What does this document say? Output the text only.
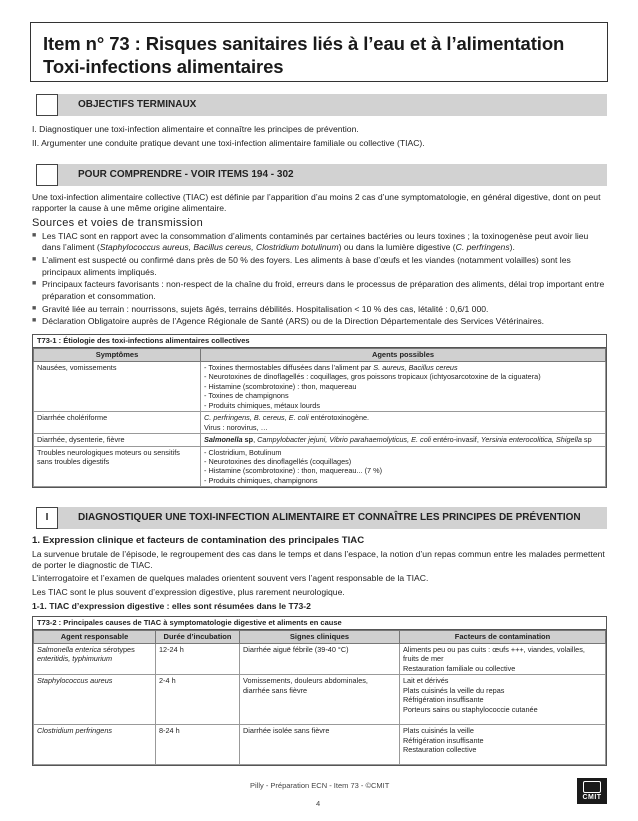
Item n° 73 : Risques sanitaires liés à l’eau et à l’alimentation
Toxi-infections alimentaires
OBJECTIFS TERMINAUX
I. Diagnostiquer une toxi-infection alimentaire et connaître les principes de prévention.
II. Argumenter une conduite pratique devant une toxi-infection alimentaire familiale ou collective (TIAC).
POUR COMPRENDRE - VOIR ITEMS 194 - 302
Une toxi-infection alimentaire collective (TIAC) est définie par l’apparition d’au moins 2 cas d’une symptomatologie, en général digestive, dont on peut rapporter la cause à une même origine alimentaire.
Sources et voies de transmission
■ Les TIAC sont en rapport avec la consommation d’aliments contaminés par certaines bactéries ou leurs toxines ; la toxinogenèse peut avoir lieu dans l’aliment (Staphylococcus aureus, Bacillus cereus, Clostridium botulinum) ou dans la lumière digestive (C. perfringens).
■ L’aliment est suspecté ou confirmé dans près de 50 % des foyers. Les aliments à base d’œufs et les viandes (notamment volailles) sont les principaux aliments impliqués.
■ Principaux facteurs favorisants : non-respect de la chaîne du froid, erreurs dans le processus de préparation des aliments, délai trop important entre préparation et consommation.
■ Gravité liée au terrain : nourrissons, sujets âgés, terrains débilités. Hospitalisation < 10 % des cas, létalité : 0,6/1 000.
■ Déclaration Obligatoire auprès de l’Agence Régionale de Santé (ARS) ou de la Direction Départementale des Services Vétérinaires.
T73-1 : Étiologie des toxi-infections alimentaires collectives
Symptômes	Agents possibles
Nausées, vomissements	- Toxines thermostables diffusées dans l’aliment par S. aureus, Bacillus cereus
- Neurotoxines de dinoflagellés : coquillages, gros poissons tropicaux (ichtyosarcotoxine de la ciguatera)
- Histamine (scombrotoxine) : thon, maquereau
- Toxines de champignons
- Produits chimiques, métaux lourds

Diarrhée cholériforme	C. perfringens, B. cereus, E. coli entérotoxinogène.
Virus : norovirus, …

Diarrhée, dysenterie, fièvre	Salmonella sp, Campylobacter jejuni, Vibrio parahaemolyticus, E. coli entéro-invasif, Yersinia enterocolitica, Shigella sp

Troubles neurologiques moteurs ou sensitifs sans troubles digestifs	- Clostridium, Botulinum
- Neurotoxines des dinoflagellés (coquillages)
- Histamine (scombrotoxine) : thon, maquereau... (7 %)
- Produits chimiques, champignons
I	DIAGNOSTIQUER UNE TOXI-INFECTION ALIMENTAIRE ET CONNAÎTRE LES PRINCIPES DE PRÉVENTION
1. Expression clinique et facteurs de contamination des principales TIAC
La survenue brutale de l’épisode, le regroupement des cas dans le temps et dans l’espace, la notion d’un repas commun entre les malades permettent de porter le diagnostic de TIAC.
L’interrogatoire et l’examen de quelques malades orientent souvent vers l’agent responsable de la TIAC.
Les TIAC sont le plus souvent d’expression digestive, plus rarement neurologique.
1-1. TIAC d’expression digestive : elles sont résumées dans le T73-2
T73-2 : Principales causes de TIAC à symptomatologie digestive et aliments en cause
Agent responsable	Durée d’incubation	Signes cliniques	Facteurs de contamination
Salmonella enterica sérotypes enteritidis, typhimurium	12-24 h	Diarrhée aiguë fébrile (39-40 °C)	Aliments peu ou pas cuits : œufs +++, viandes, volailles, fruits de mer
Restauration familiale ou collective

Staphylococcus aureus	2-4 h	Vomissements, douleurs abdominales, diarrhée sans fièvre	Lait et dérivés
Plats cuisinés la veille du repas
Réfrigération insuffisante
Porteurs sains ou staphylococcie cutanée

Clostridium perfringens	8-24 h	Diarrhée isolée sans fièvre	Plats cuisinés la veille
Réfrigération insuffisante
Restauration collective
Pilly - Préparation ECN - Item 73 - ©CMIT
4
CMIT
